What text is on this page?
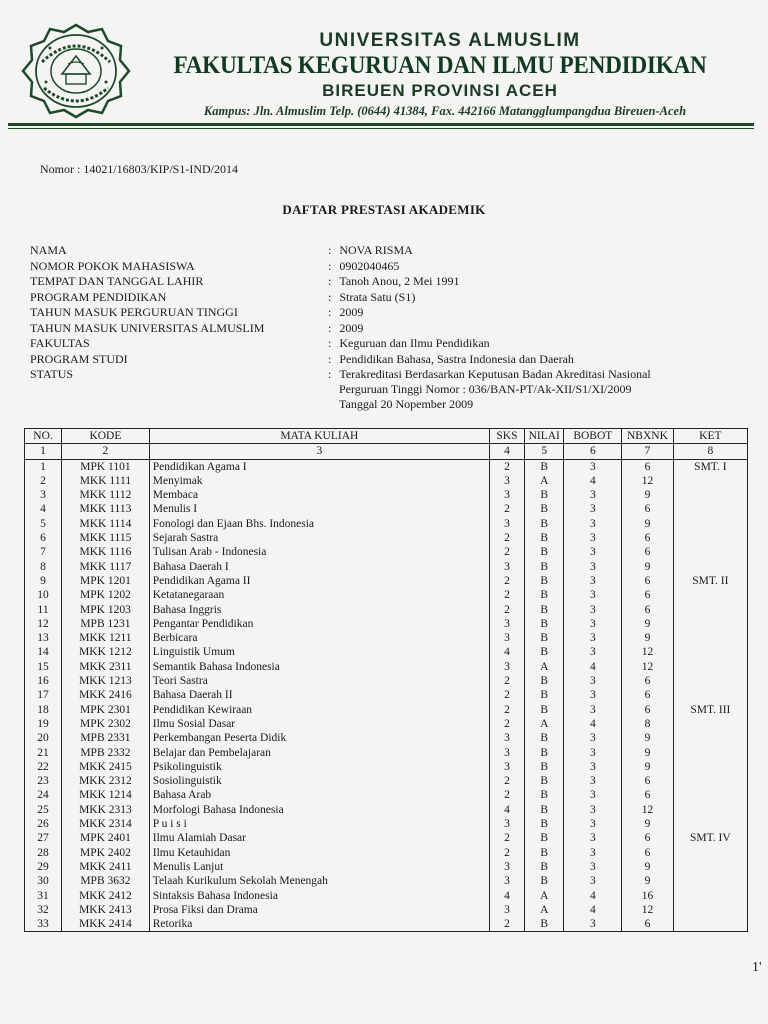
UNIVERSITAS ALMUSLIM
FAKULTAS KEGURUAN DAN ILMU PENDIDIKAN
BIREUEN PROVINSI ACEH
Kampus: Jln. Almuslim Telp. (0644) 41384, Fax. 442166 Matangglumpangdua Bireuen-Aceh
Nomor : 14021/16803/KIP/S1-IND/2014
DAFTAR PRESTASI AKADEMIK
NAMA	: NOVA RISMA
NOMOR POKOK MAHASISWA	: 0902040465
TEMPAT DAN TANGGAL LAHIR	: Tanoh Anou, 2 Mei 1991
PROGRAM PENDIDIKAN	: Strata Satu (S1)
TAHUN MASUK PERGURUAN TINGGI	: 2009
TAHUN MASUK UNIVERSITAS ALMUSLIM	: 2009
FAKULTAS	: Keguruan dan Ilmu Pendidikan
PROGRAM STUDI	: Pendidikan Bahasa, Sastra Indonesia dan Daerah
STATUS	: Terakreditasi Berdasarkan Keputusan Badan Akreditasi Nasional
Perguruan Tinggi Nomor : 036/BAN-PT/Ak-XII/S1/XI/2009
Tanggal 20 Nopember 2009
NO.	KODE	MATA KULIAH	SKS	NILAI	BOBOT	NBXNK	KET
1	2	3	4	5	6	7	8
1	MPK 1101	Pendidikan Agama I	2	B	3	6	SMT. I
2	MKK 1111	Menyimak	3	A	4	12	
3	MKK 1112	Membaca	3	B	3	9	
4	MKK 1113	Menulis I	2	B	3	6	
5	MKK 1114	Fonologi dan Ejaan Bhs. Indonesia	3	B	3	9	
6	MKK 1115	Sejarah Sastra	2	B	3	6	
7	MKK 1116	Tulisan Arab - Indonesia	2	B	3	6	
8	MKK 1117	Bahasa Daerah I	3	B	3	9	
9	MPK 1201	Pendidikan Agama II	2	B	3	6	SMT. II
10	MPK 1202	Ketatanegaraan	2	B	3	6	
11	MPK 1203	Bahasa Inggris	2	B	3	6	
12	MPB 1231	Pengantar Pendidikan	3	B	3	9	
13	MKK 1211	Berbicara	3	B	3	9	
14	MKK 1212	Linguistik Umum	4	B	3	12	
15	MKK 2311	Semantik Bahasa Indonesia	3	A	4	12	
16	MKK 1213	Teori Sastra	2	B	3	6	
17	MKK 2416	Bahasa Daerah II	2	B	3	6	
18	MPK 2301	Pendidikan Kewiraan	2	B	3	6	SMT. III
19	MPK 2302	Ilmu Sosial Dasar	2	A	4	8	
20	MPB 2331	Perkembangan Peserta Didik	3	B	3	9	
21	MPB 2332	Belajar dan Pembelajaran	3	B	3	9	
22	MKK 2415	Psikolinguistik	3	B	3	9	
23	MKK 2312	Sosiolinguistik	2	B	3	6	
24	MKK 1214	Bahasa Arab	2	B	3	6	
25	MKK 2313	Morfologi Bahasa Indonesia	4	B	3	12	
26	MKK 2314	P u i s i	3	B	3	9	
27	MPK 2401	Ilmu Alamiah Dasar	2	B	3	6	SMT. IV
28	MPK 2402	Ilmu Ketauhidan	2	B	3	6	
29	MKK 2411	Menulis Lanjut	3	B	3	9	
30	MPB 3632	Telaah Kurikulum Sekolah Menengah	3	B	3	9	
31	MKK 2412	Sintaksis Bahasa Indonesia	4	A	4	16	
32	MKK 2413	Prosa Fiksi dan Drama	3	A	4	12	
33	MKK 2414	Retorika	2	B	3	6	
1'
